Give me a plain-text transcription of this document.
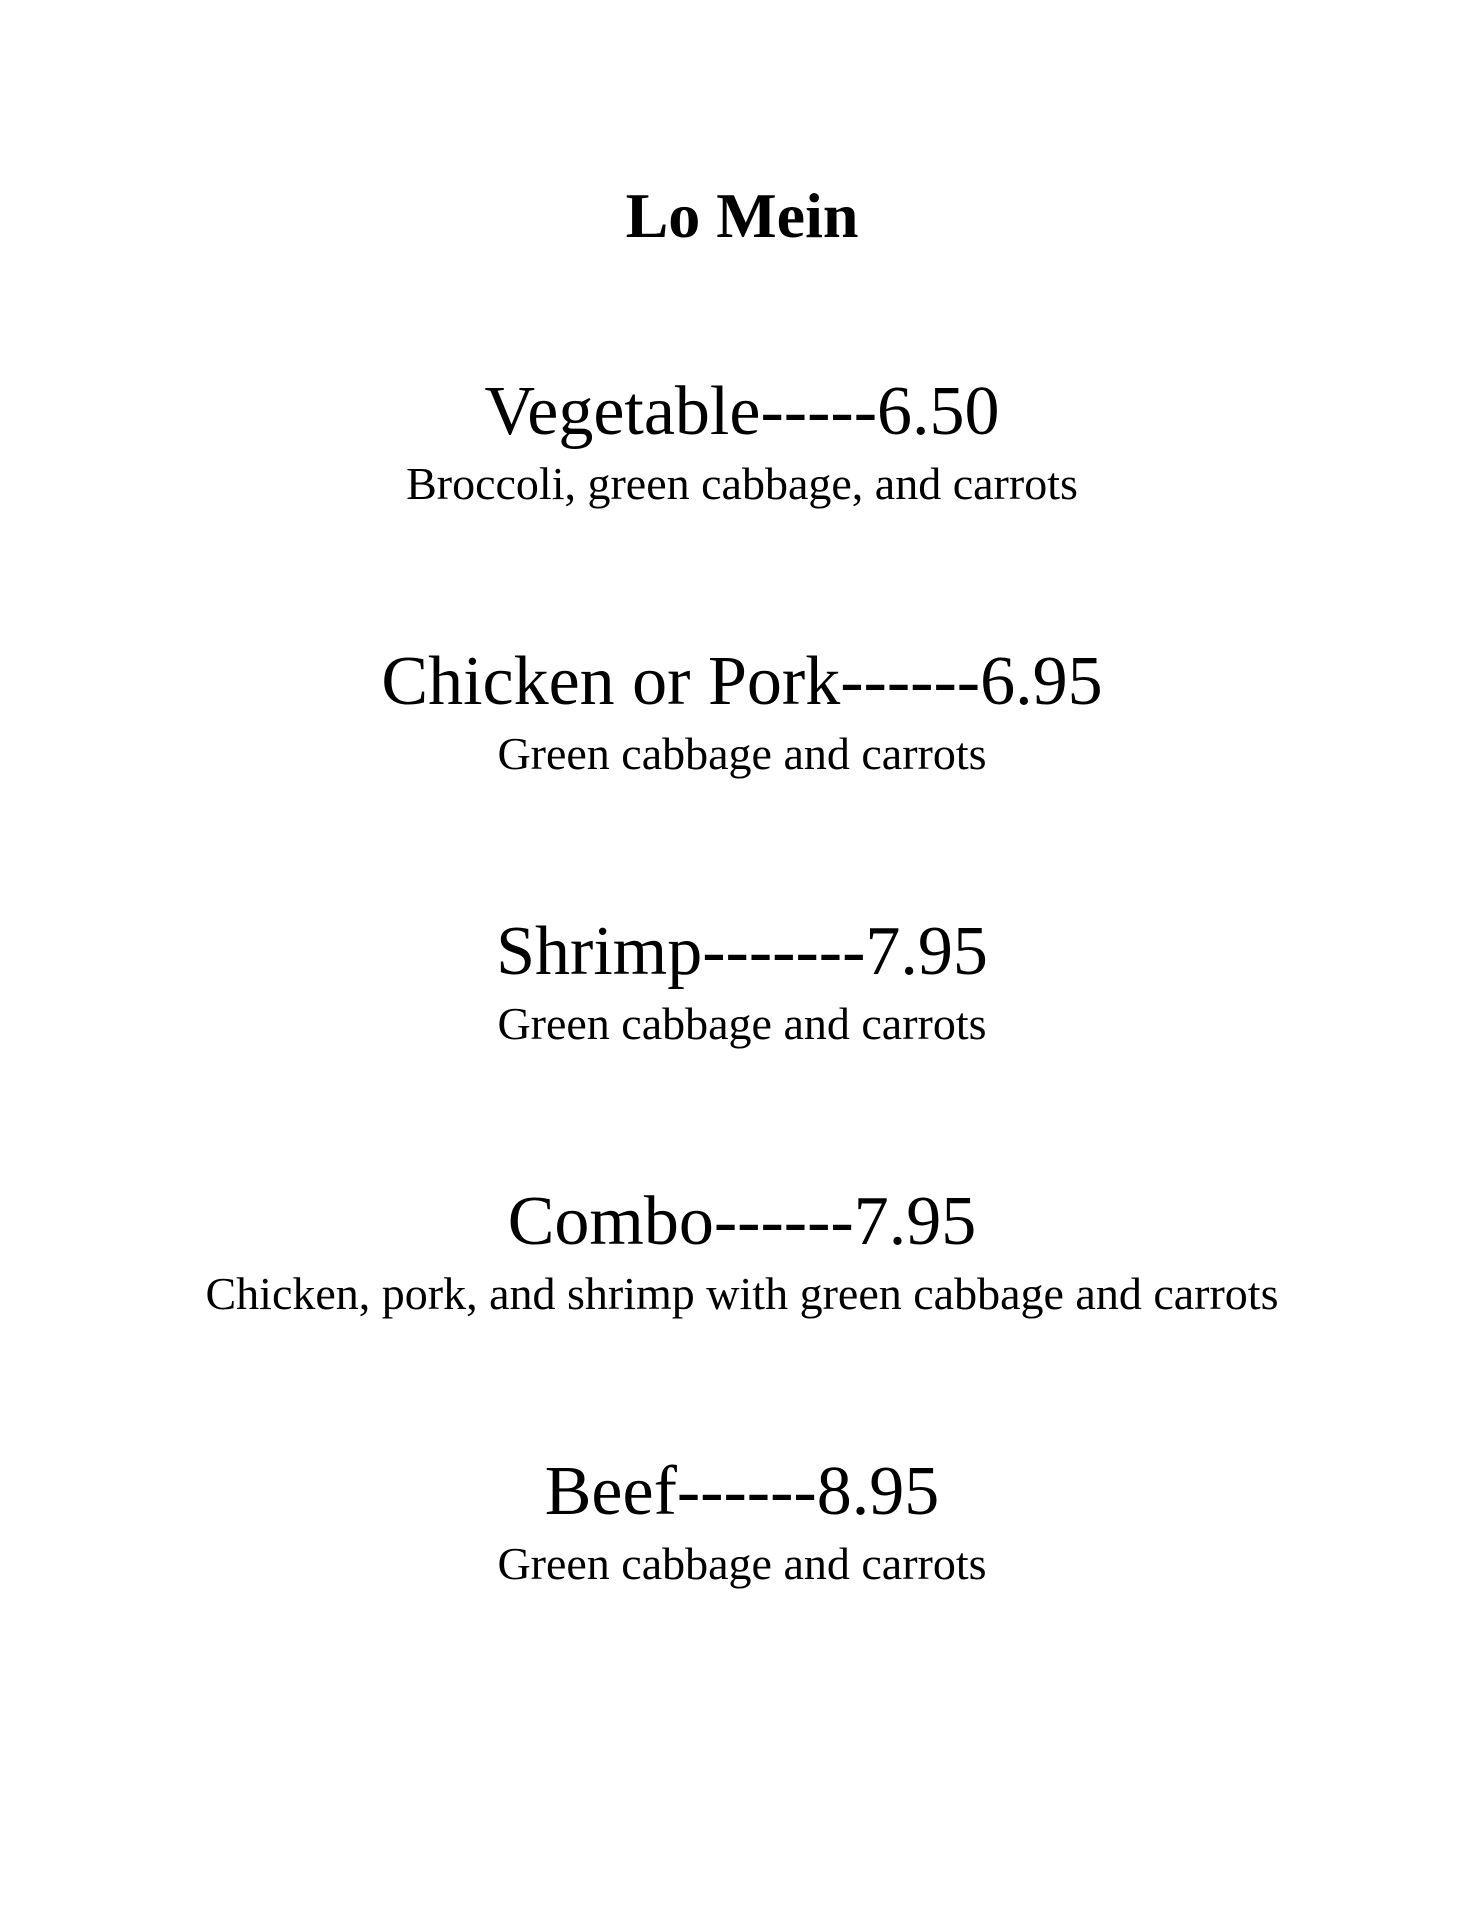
Lo Mein
Vegetable-----6.50
Broccoli, green cabbage, and carrots
Chicken or Pork------6.95
Green cabbage and carrots
Shrimp-------7.95
Green cabbage and carrots
Combo------7.95
Chicken, pork, and shrimp with green cabbage and carrots
Beef------8.95
Green cabbage and carrots
